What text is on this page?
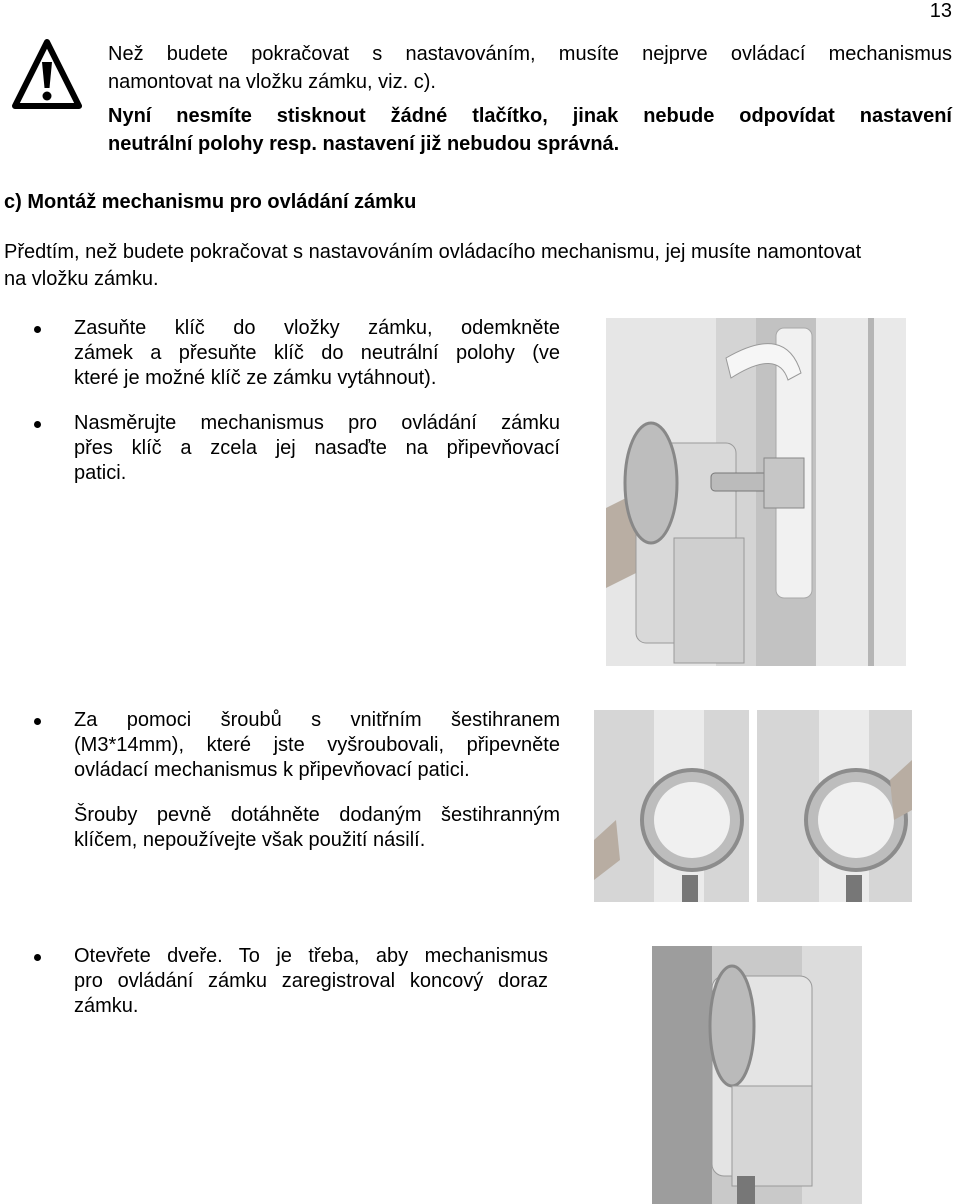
13

Než budete pokračovat s nastavováním, musíte nejprve ovládací mechanismus

namontovat na vložku zámku, viz. c).

Nyní nesmíte stisknout žádné tlačítko, jinak nebude odpovídat nastavení

neutrální polohy resp. nastavení již nebudou správná.

c) Montáž mechanismu pro ovládání zámku
Předtím, než budete pokračovat s nastavováním ovládacího mechanismu, jej musíte namontovat
na vložku zámku.
Zasuňte klíč do vložky zámku, odemkněte
zámek a přesuňte klíč do neutrální polohy (ve
které je možné klíč ze zámku vytáhnout).
Nasměrujte mechanismus pro ovládání zámku
přes klíč a zcela jej nasaďte na připevňovací
patici.
Za pomoci šroubů s vnitřním šestihranem
(M3*14mm), které jste vyšroubovali, připevněte
ovládací mechanismus k připevňovací patici.
Šrouby pevně dotáhněte dodaným šestihranným
klíčem, nepoužívejte však použití násilí.
Otevřete dveře. To je třeba, aby mechanismus
pro ovládání zámku zaregistroval koncový doraz
zámku.
